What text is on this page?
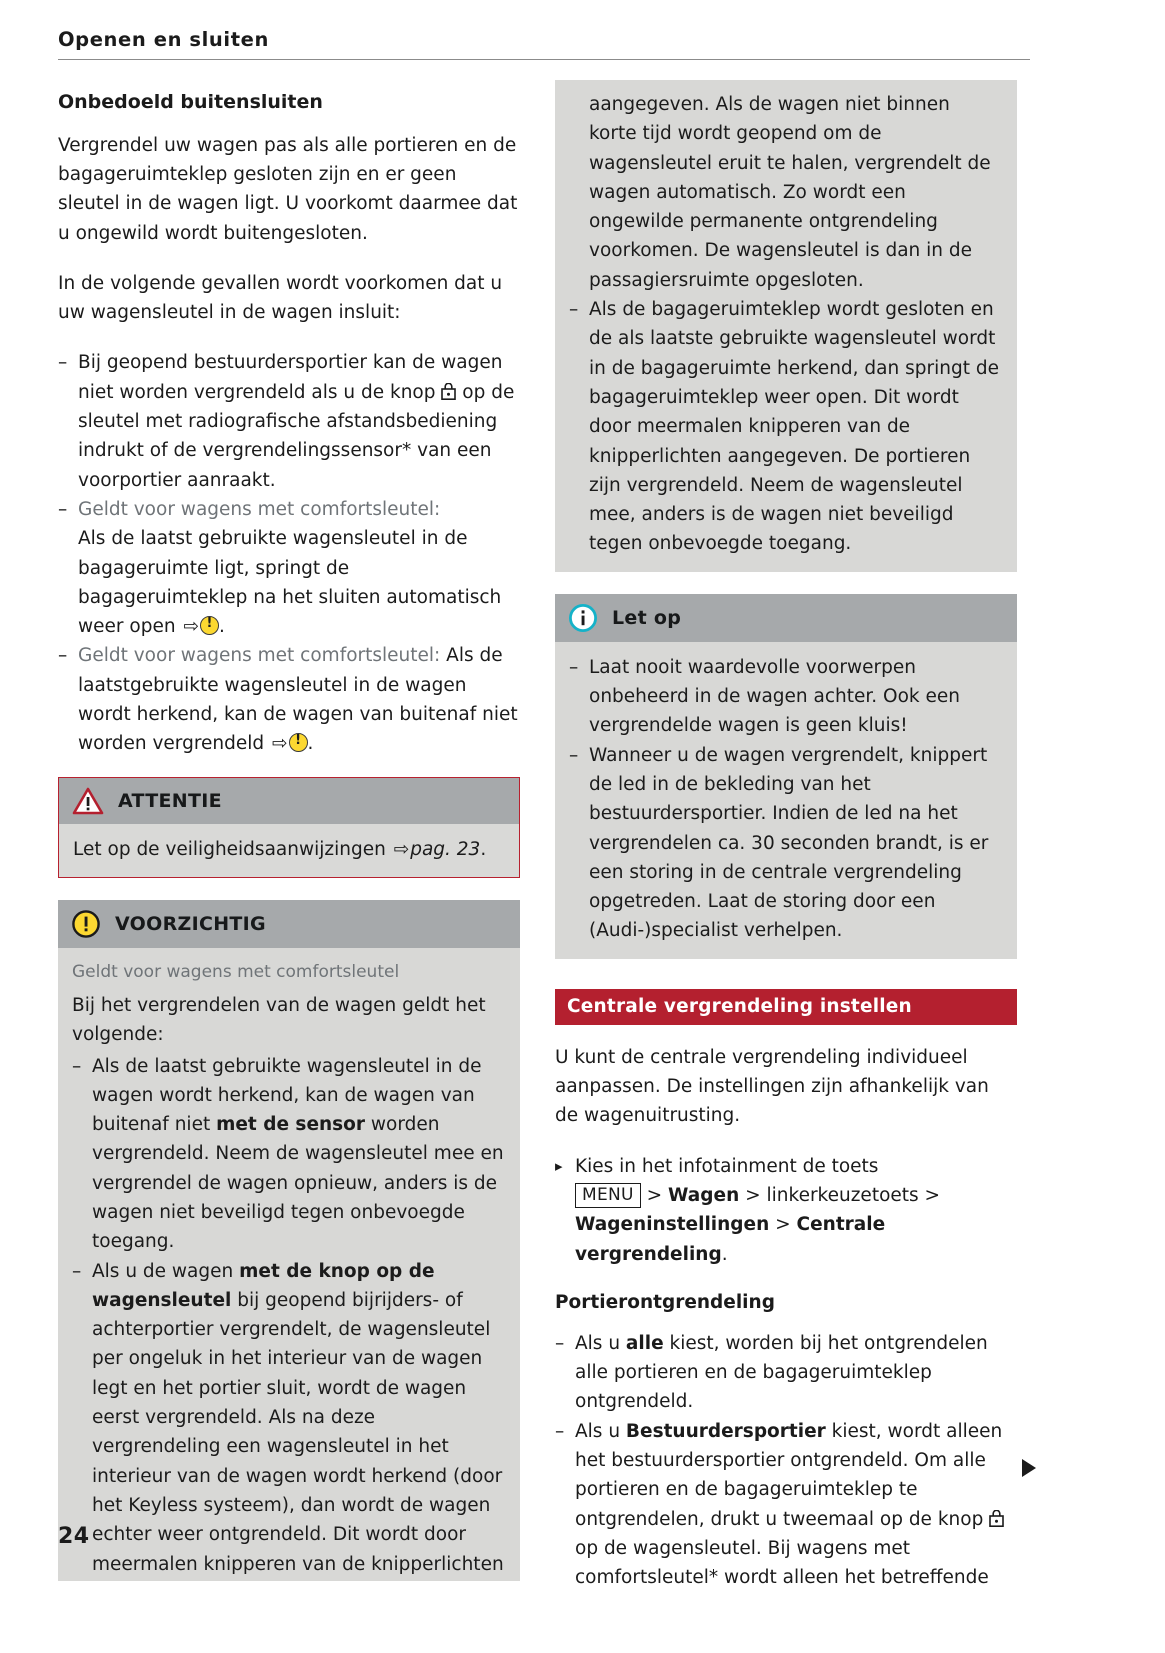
Openen en sluiten
Onbedoeld buitensluiten

Vergrendel uw wagen pas als alle portieren en de bagageruimteklep gesloten zijn en er geen sleutel in de wagen ligt. U voorkomt daarmee dat u ongewild wordt buitengesloten.

In de volgende gevallen wordt voorkomen dat u uw wagensleutel in de wagen insluit:

– Bij geopend bestuurdersportier kan de wagen niet worden vergrendeld als u de knop  op de sleutel met radiografische afstandsbediening indrukt of de vergrendelingssensor* van een voorportier aanraakt.
– Geldt voor wagens met comfortsleutel:
Als de laatst gebruikte wagensleutel in de bagageruimte ligt, springt de bagageruimteklep na het sluiten automatisch weer open ⇨ ! .
– Geldt voor wagens met comfortsleutel: Als de laatstgebruikte wagensleutel in de wagen wordt herkend, kan de wagen van buitenaf niet worden vergrendeld ⇨ ! .
ATTENTIE
Let op de veiligheidsaanwijzingen ⇨pag. 23.
VOORZICHTIG
Geldt voor wagens met comfortsleutel
Bij het vergrendelen van de wagen geldt het volgende:
– Als de laatst gebruikte wagensleutel in de wagen wordt herkend, kan de wagen van buitenaf niet met de sensor worden vergrendeld. Neem de wagensleutel mee en vergrendel de wagen opnieuw, anders is de wagen niet beveiligd tegen onbevoegde toegang.
– Als u de wagen met de knop op de wagensleutel bij geopend bijrijders- of achterportier vergrendelt, de wagensleutel per ongeluk in het interieur van de wagen legt en het portier sluit, wordt de wagen eerst vergrendeld. Als na deze vergrendeling een wagensleutel in het interieur van de wagen wordt herkend (door het Keyless systeem), dan wordt de wagen echter weer ontgrendeld. Dit wordt door meermalen knipperen van de knipperlichten
aangegeven. Als de wagen niet binnen korte tijd wordt geopend om de wagensleutel eruit te halen, vergrendelt de wagen automatisch. Zo wordt een ongewilde permanente ontgrendeling voorkomen. De wagensleutel is dan in de passagiersruimte opgesloten.
– Als de bagageruimteklep wordt gesloten en de als laatste gebruikte wagensleutel wordt in de bagageruimte herkend, dan springt de bagageruimteklep weer open. Dit wordt door meermalen knipperen van de knipperlichten aangegeven. De portieren zijn vergrendeld. Neem de wagensleutel mee, anders is de wagen niet beveiligd tegen onbevoegde toegang.
Let op
– Laat nooit waardevolle voorwerpen onbeheerd in de wagen achter. Ook een vergrendelde wagen is geen kluis!
– Wanneer u de wagen vergrendelt, knippert de led in de bekleding van het bestuurdersportier. Indien de led na het vergrendelen ca. 30 seconden brandt, is er een storing in de centrale vergrendeling opgetreden. Laat de storing door een (Audi-)specialist verhelpen.
Centrale vergrendeling instellen

U kunt de centrale vergrendeling individueel aanpassen. De instellingen zijn afhankelijk van de wagenuitrusting.

▸ Kies in het infotainment de toets
MENU > Wagen > linkerkeuzetoets > Wageninstellingen > Centrale vergrendeling.
Portierontgrendeling
– Als u alle kiest, worden bij het ontgrendelen alle portieren en de bagageruimteklep ontgrendeld.
– Als u Bestuurdersportier kiest, wordt alleen het bestuurdersportier ontgrendeld. Om alle portieren en de bagageruimteklep te ontgrendelen, drukt u tweemaal op de knop  op de wagensleutel. Bij wagens met comfortsleutel* wordt alleen het betreffende
24
